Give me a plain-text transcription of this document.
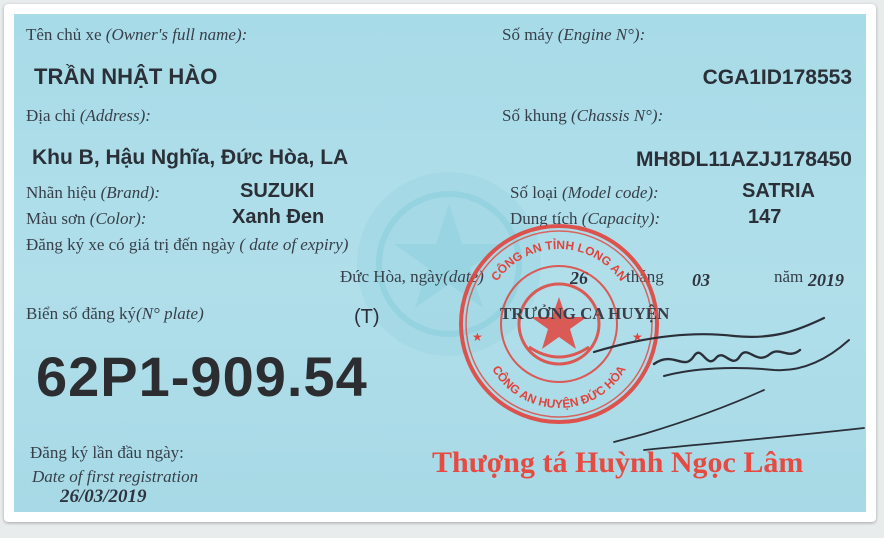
Tên chủ xe (Owner's full name):	Số máy (Engine N°):
TRẦN NHẬT HÀO	CGA1ID178553
Địa chỉ (Address):	Số khung (Chassis N°):
Khu B, Hậu Nghĩa, Đức Hòa, LA	MH8DL11AZJJ178450
Nhãn hiệu (Brand):	SUZUKI	Số loại (Model code):	SATRIA
Màu sơn (Color):	Xanh Đen	Dung tích (Capacity):	147
Đăng ký xe có giá trị đến ngày ( date of expiry)
Đức Hòa, ngày(date)	26 tháng 03	năm 2019
Biển số đăng ký(N° plate)	(T)
62P1-909.54
CÔNG AN TỈNH LONG AN
CÔNG AN HUYỆN ĐỨC HÒA
★	★
TRƯỞNG CA HUYỆN
Thượng tá Huỳnh Ngọc Lâm
Đăng ký lần đầu ngày:
Date of first registration
26/03/2019
